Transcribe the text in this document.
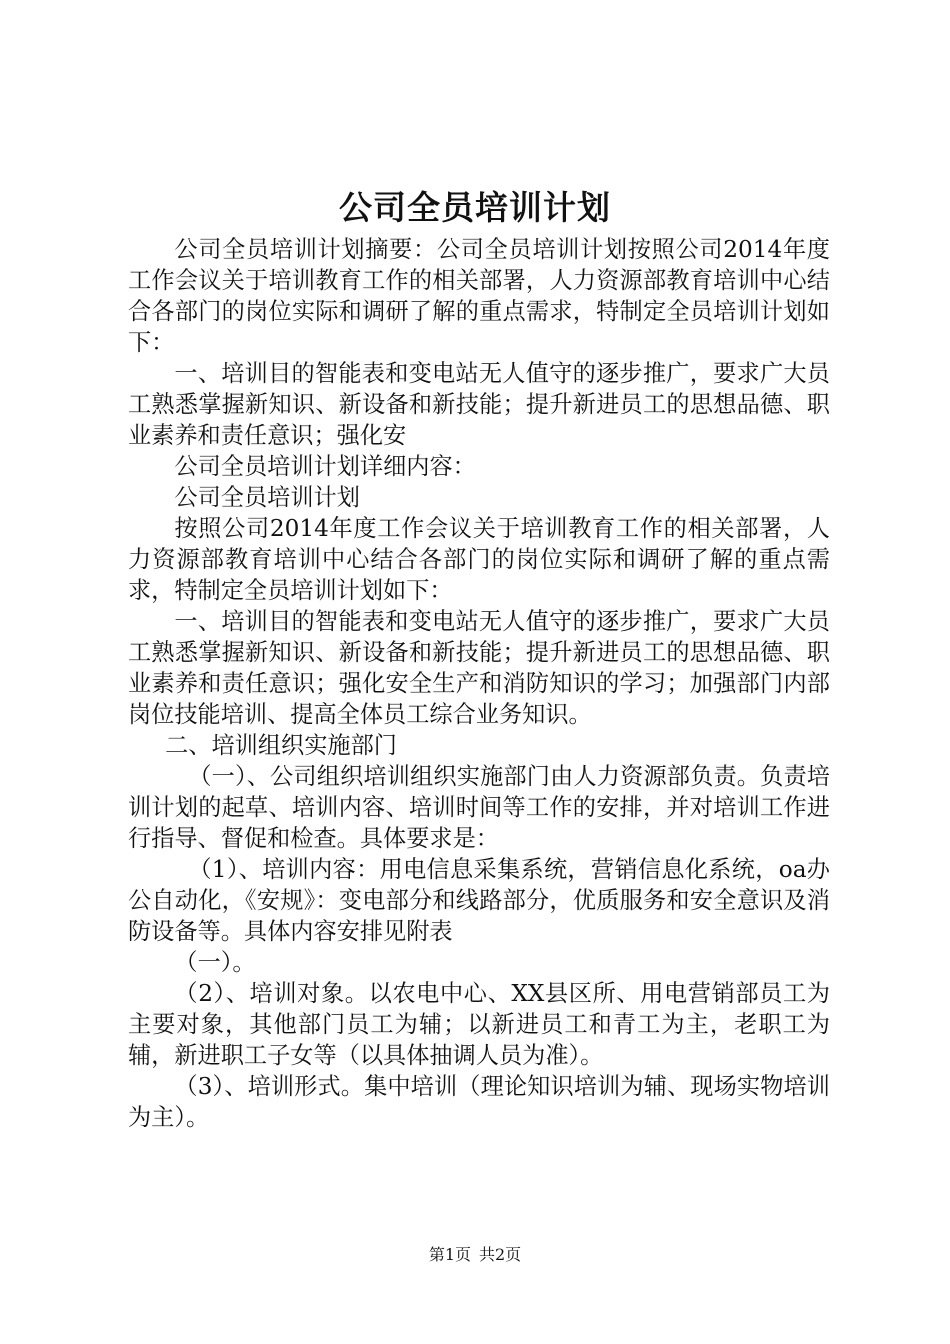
公司全员培训计划

公司全员培训计划摘要：公司全员培训计划按照公司2014年度工作会议关于培训教育工作的相关部署，人力资源部教育培训中心结合各部门的岗位实际和调研了解的重点需求，特制定全员培训计划如下：

一、培训目的智能表和变电站无人值守的逐步推广，要求广大员工熟悉掌握新知识、新设备和新技能；提升新进员工的思想品德、职业素养和责任意识；强化安

公司全员培训计划详细内容：

公司全员培训计划

按照公司2014年度工作会议关于培训教育工作的相关部署，人力资源部教育培训中心结合各部门的岗位实际和调研了解的重点需求，特制定全员培训计划如下：

一、培训目的智能表和变电站无人值守的逐步推广，要求广大员工熟悉掌握新知识、新设备和新技能；提升新进员工的思想品德、职业素养和责任意识；强化安全生产和消防知识的学习；加强部门内部岗位技能培训、提高全体员工综合业务知识。

二、培训组织实施部门

（一）、公司组织培训组织实施部门由人力资源部负责。负责培训计划的起草、培训内容、培训时间等工作的安排，并对培训工作进行指导、督促和检查。具体要求是：

（1）、培训内容：用电信息采集系统，营销信息化系统，oa办公自动化，《安规》：变电部分和线路部分，优质服务和安全意识及消防设备等。具体内容安排见附表

（一）。

（2）、培训对象。以农电中心、XX县区所、用电营销部员工为主要对象，其他部门员工为辅；以新进员工和青工为主，老职工为辅，新进职工子女等（以具体抽调人员为准）。

（3）、培训形式。集中培训（理论知识培训为辅、现场实物培训为主）。

第1页 共2页
